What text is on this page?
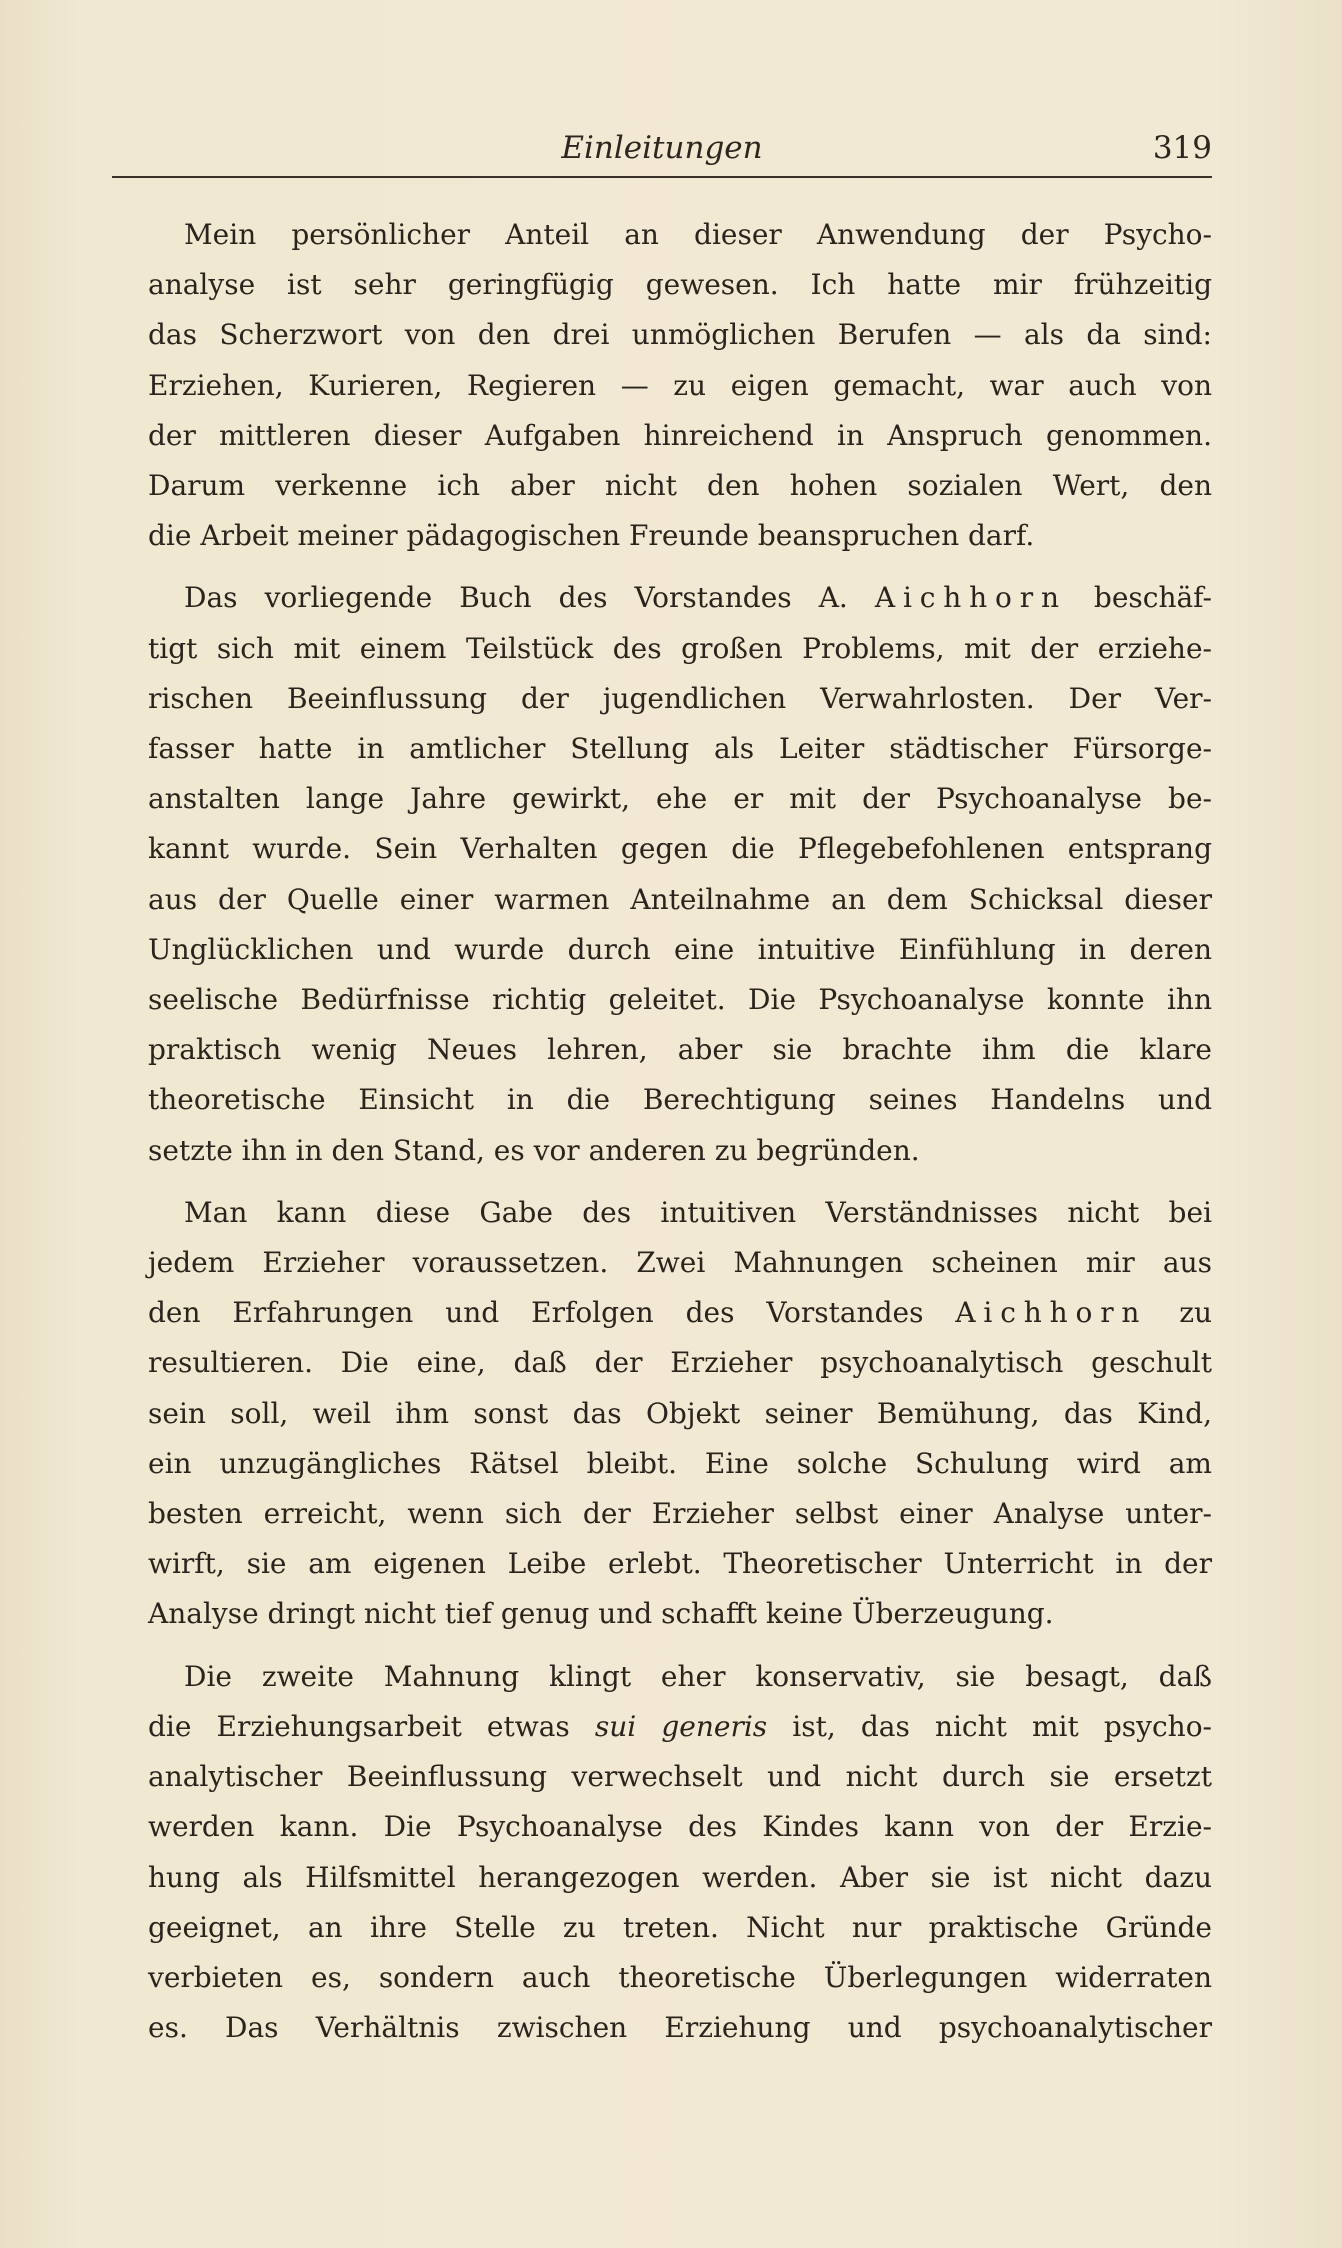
Einleitungen	319
Mein persönlicher Anteil an dieser Anwendung der Psycho-
analyse ist sehr geringfügig gewesen. Ich hatte mir frühzeitig
das Scherzwort von den drei unmöglichen Berufen — als da sind:
Erziehen, Kurieren, Regieren — zu eigen gemacht, war auch von
der mittleren dieser Aufgaben hinreichend in Anspruch genommen.
Darum verkenne ich aber nicht den hohen sozialen Wert, den
die Arbeit meiner pädagogischen Freunde beanspruchen darf.
Das vorliegende Buch des Vorstandes A. Aichhorn beschäf-
tigt sich mit einem Teilstück des großen Problems, mit der erziehe-
rischen Beeinflussung der jugendlichen Verwahrlosten. Der Ver-
fasser hatte in amtlicher Stellung als Leiter städtischer Fürsorge-
anstalten lange Jahre gewirkt, ehe er mit der Psychoanalyse be-
kannt wurde. Sein Verhalten gegen die Pflegebefohlenen entsprang
aus der Quelle einer warmen Anteilnahme an dem Schicksal dieser
Unglücklichen und wurde durch eine intuitive Einfühlung in deren
seelische Bedürfnisse richtig geleitet. Die Psychoanalyse konnte ihn
praktisch wenig Neues lehren, aber sie brachte ihm die klare
theoretische Einsicht in die Berechtigung seines Handelns und
setzte ihn in den Stand, es vor anderen zu begründen.
Man kann diese Gabe des intuitiven Verständnisses nicht bei
jedem Erzieher voraussetzen. Zwei Mahnungen scheinen mir aus
den Erfahrungen und Erfolgen des Vorstandes Aichhorn zu
resultieren. Die eine, daß der Erzieher psychoanalytisch geschult
sein soll, weil ihm sonst das Objekt seiner Bemühung, das Kind,
ein unzugängliches Rätsel bleibt. Eine solche Schulung wird am
besten erreicht, wenn sich der Erzieher selbst einer Analyse unter-
wirft, sie am eigenen Leibe erlebt. Theoretischer Unterricht in der
Analyse dringt nicht tief genug und schafft keine Überzeugung.
Die zweite Mahnung klingt eher konservativ, sie besagt, daß
die Erziehungsarbeit etwas sui generis ist, das nicht mit psycho-
analytischer Beeinflussung verwechselt und nicht durch sie ersetzt
werden kann. Die Psychoanalyse des Kindes kann von der Erzie-
hung als Hilfsmittel herangezogen werden. Aber sie ist nicht dazu
geeignet, an ihre Stelle zu treten. Nicht nur praktische Gründe
verbieten es, sondern auch theoretische Überlegungen widerraten
es. Das Verhältnis zwischen Erziehung und psychoanalytischer
